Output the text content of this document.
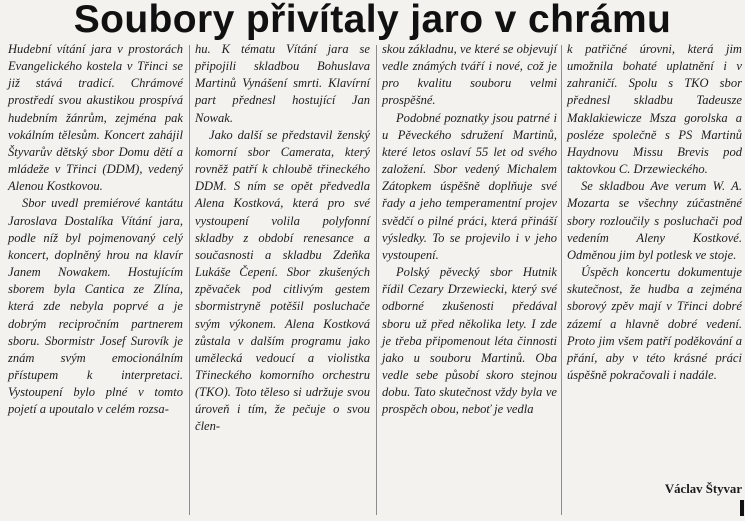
Soubory přivítaly jaro v chrámu

Hudební vítání jara v prostorách Evangelického kostela v Třinci se již stává tradicí. Chrámové prostředí svou akustikou prospívá hudebním žánrům, zejména pak vokálním tělesům. Koncert zahájil Štyvarův dětský sbor Domu dětí a mládeže v Třinci (DDM), vedený Alenou Kostkovou.

Sbor uvedl premiérové kantátu Jaroslava Dostalíka Vítání jara, podle níž byl pojmenovaný celý koncert, doplněný hrou na klavír Janem Nowakem. Hostujícím sborem byla Cantica ze Zlína, která zde nebyla poprvé a je dobrým recipročním partnerem sboru. Sbormistr Josef Surovík je znám svým emocionálním přístupem k interpretaci. Vystoupení bylo plné v tomto pojetí a upoutalo v celém rozsa-

hu. K tématu Vítání jara se připojili skladbou Bohuslava Martinů Vynášení smrti. Klavírní part přednesl hostující Jan Nowak.

Jako další se představil ženský komorní sbor Camerata, který rovněž patří k chloubě třineckého DDM. S ním se opět předvedla Alena Kostková, která pro své vystoupení volila polyfonní skladby z období renesance a současnosti a skladbu Zdeňka Lukáše Čepení. Sbor zkušených zpěvaček pod citlivým gestem sbormistryně potěšil posluchače svým výkonem. Alena Kostková zůstala v dalším programu jako umělecká vedoucí a violistka Třineckého komorního orchestru (TKO). Toto těleso si udržuje svou úroveň i tím, že pečuje o svou člen-

skou základnu, ve které se objevují vedle známých tváří i nové, což je pro kvalitu souboru velmi prospěšné.

Podobné poznatky jsou patrné i u Pěveckého sdružení Martinů, které letos oslaví 55 let od svého založení. Sbor vedený Michalem Zátopkem úspěšně doplňuje své řady a jeho temperamentní projev svědčí o pilné práci, která přináší výsledky. To se projevilo i v jeho vystoupení.

Polský pěvecký sbor Hutnik řídil Cezary Drzewiecki, který své odborné zkušenosti předával sboru už před několika lety. I zde je třeba připomenout léta činnosti jako u souboru Martinů. Oba vedle sebe působí skoro stejnou dobu. Tato skutečnost vždy byla ve prospěch obou, neboť je vedla

k patřičné úrovni, která jim umožnila bohaté uplatnění i v zahraničí. Spolu s TKO sbor přednesl skladbu Tadeusze Maklakiewicze Msza gorolska a posléze společně s PS Martinů Haydnovu Missu Brevis pod taktovkou C. Drzewieckého.

Se skladbou Ave verum W. A. Mozarta se všechny zúčastněné sbory rozloučily s posluchači pod vedením Aleny Kostkové. Odměnou jim byl potlesk ve stoje.

Úspěch koncertu dokumentuje skutečnost, že hudba a zejména sborový zpěv mají v Třinci dobré zázemí a hlavně dobré vedení. Proto jim všem patří poděkování a přání, aby v této krásné práci úspěšně pokračovali i nadále.

Václav Štyvar
